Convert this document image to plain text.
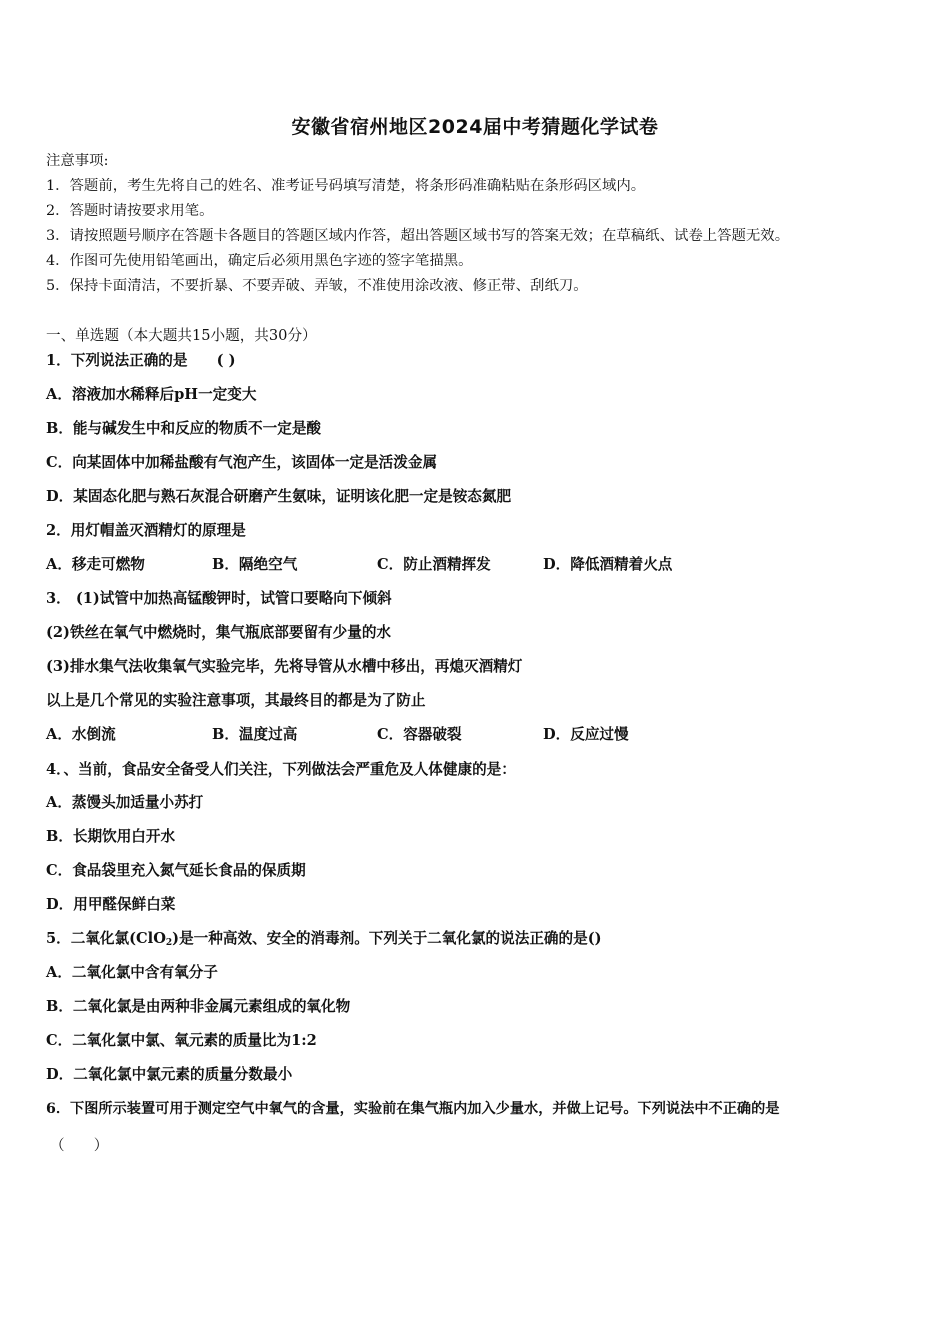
安徽省宿州地区2024届中考猜题化学试卷
注意事项:
1．答题前，考生先将自己的姓名、准考证号码填写清楚，将条形码准确粘贴在条形码区域内。
2．答题时请按要求用笔。
3．请按照题号顺序在答题卡各题目的答题区域内作答，超出答题区域书写的答案无效；在草稿纸、试卷上答题无效。
4．作图可先使用铅笔画出，确定后必须用黑色字迹的签字笔描黑。
5．保持卡面清洁，不要折暴、不要弄破、弄皱，不准使用涂改液、修正带、刮纸刀。
一、单选题（本大题共15小题，共30分）
1．下列说法正确的是　　( )
A．溶液加水稀释后pH一定变大
B．能与碱发生中和反应的物质不一定是酸
C．向某固体中加稀盐酸有气泡产生，该固体一定是活泼金属
D．某固态化肥与熟石灰混合研磨产生氨味，证明该化肥一定是铵态氮肥
2．用灯帽盖灭酒精灯的原理是
A．移走可燃物	B．隔绝空气	C．防止酒精挥发	D．降低酒精着火点
3． (1)试管中加热高锰酸钾时，试管口要略向下倾斜
(2)铁丝在氧气中燃烧时，集气瓶底部要留有少量的水
(3)排水集气法收集氧气实验完毕，先将导管从水槽中移出，再熄灭酒精灯
以上是几个常见的实验注意事项，其最终目的都是为了防止
A．水倒流	B．温度过高	C．容器破裂	D．反应过慢
4．、当前，食品安全备受人们关注，下列做法会严重危及人体健康的是：
A．蒸馒头加适量小苏打
B．长期饮用白开水
C．食品袋里充入氮气延长食品的保质期
D．用甲醛保鲜白菜
5．二氧化氯(ClO$_2$)是一种高效、安全的消毒剂。下列关于二氧化氯的说法正确的是()
A．二氧化氯中含有氧分子
B．二氧化氯是由两种非金属元素组成的氧化物
C．二氧化氯中氯、氧元素的质量比为1:2
D．二氧化氯中氯元素的质量分数最小
6．下图所示装置可用于测定空气中氧气的含量，实验前在集气瓶内加入少量水，并做上记号。下列说法中不正确的是
（　　）
